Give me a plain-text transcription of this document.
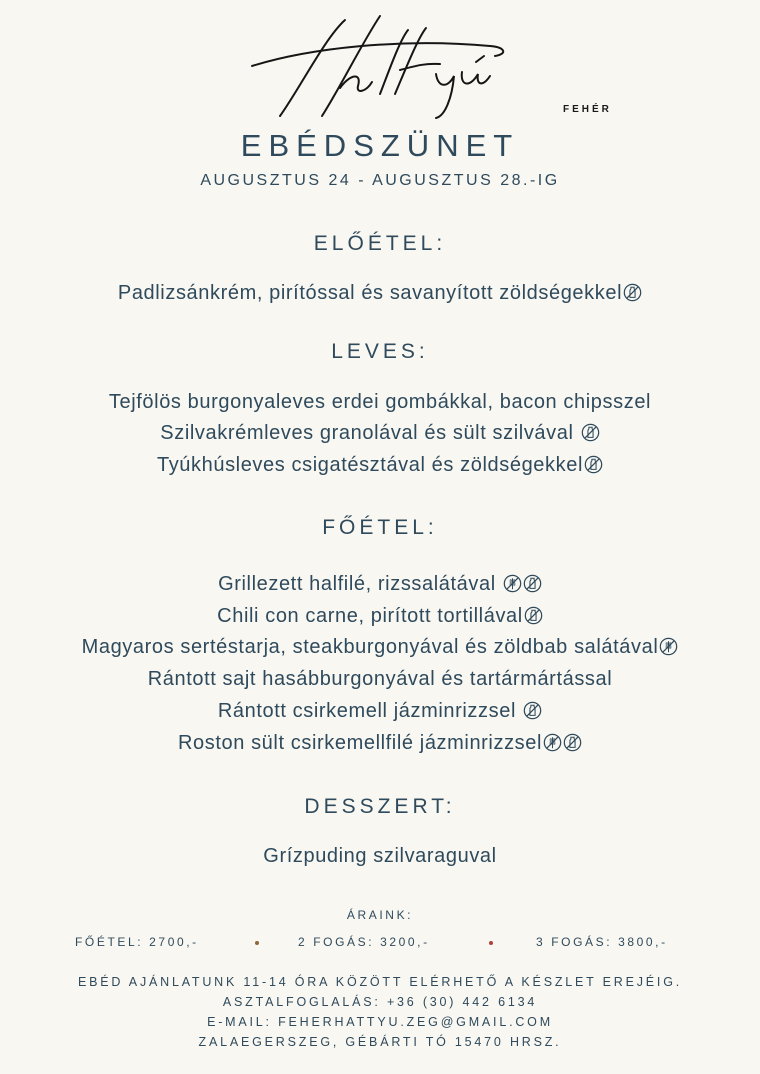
FEHÉR
EBÉDSZÜNET
AUGUSZTUS 24 - AUGUSZTUS 28.-IG
ELŐÉTEL:
Padlizsánkrém, pirítóssal és savanyított zöldségekkel
LEVES:
Tejfölös burgonyaleves erdei gombákkal, bacon chipsszel
Szilvakrémleves granolával és sült szilvával
Tyúkhúsleves csigatésztával és zöldségekkel
FŐÉTEL:
Grillezett halfilé, rizssalátával
Chili con carne, pirított tortillával
Magyaros sertéstarja, steakburgonyával és zöldbab salátával
Rántott sajt hasábburgonyával és tartármártással
Rántott csirkemell jázminrizzsel
Roston sült csirkemellfilé jázminrizzsel
DESSZERT:
Grízpuding szilvaraguval
ÁRAINK:
FŐÉTEL: 2700,-	2 FOGÁS: 3200,-	3 FOGÁS: 3800,-
EBÉD AJÁNLATUNK 11-14 ÓRA KÖZÖTT ELÉRHETŐ A KÉSZLET EREJÉIG.
ASZTALFOGLALÁS: +36 (30) 442 6134
E-MAIL: FEHERHATTYU.ZEG@GMAIL.COM
ZALAEGERSZEG, GÉBÁRTI TÓ 15470 HRSZ.
